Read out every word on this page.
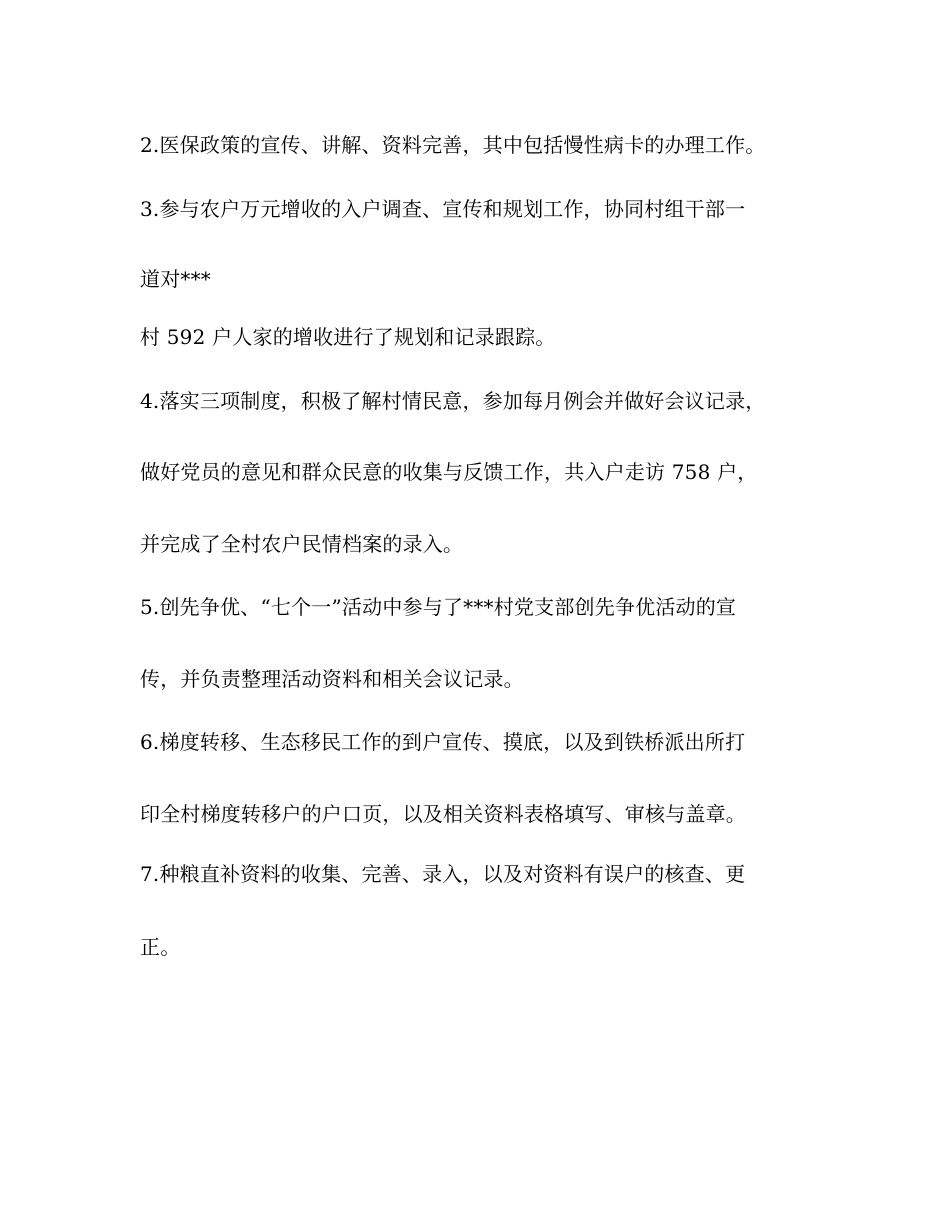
2.医保政策的宣传、讲解、资料完善，其中包括慢性病卡的办理工作。
3.参与农户万元增收的入户调查、宣传和规划工作，协同村组干部一
道对***
村 592 户人家的增收进行了规划和记录跟踪。
4.落实三项制度，积极了解村情民意，参加每月例会并做好会议记录，
做好党员的意见和群众民意的收集与反馈工作，共入户走访 758 户，
并完成了全村农户民情档案的录入。
5.创先争优、“七个一”活动中参与了***村党支部创先争优活动的宣
传，并负责整理活动资料和相关会议记录。
6.梯度转移、生态移民工作的到户宣传、摸底，以及到铁桥派出所打
印全村梯度转移户的户口页，以及相关资料表格填写、审核与盖章。
7.种粮直补资料的收集、完善、录入，以及对资料有误户的核查、更
正。
